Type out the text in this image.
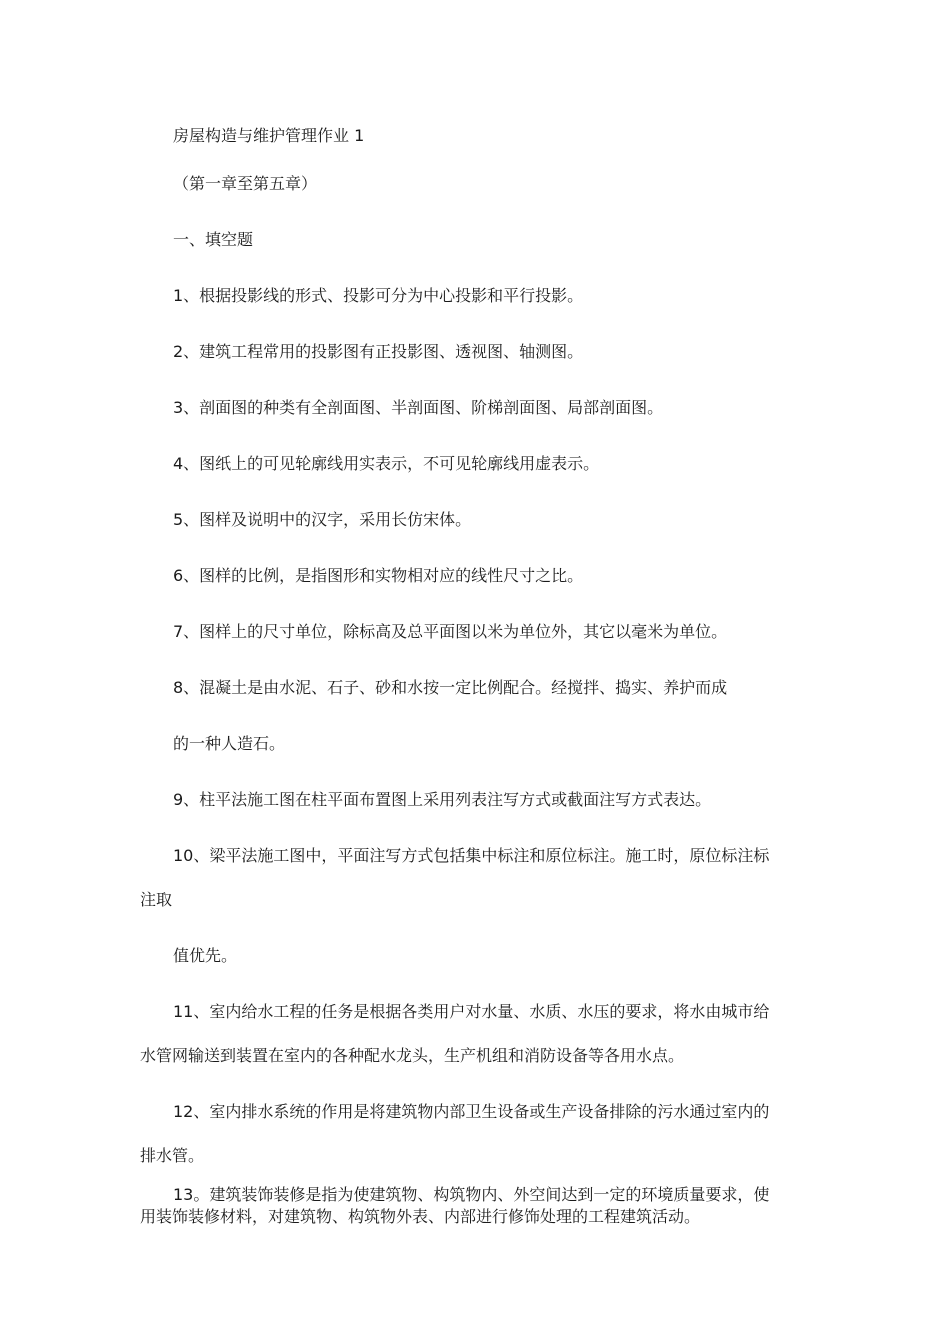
房屋构造与维护管理作业 1
（第一章至第五章）
一、填空题
1、根据投影线的形式、投影可分为中心投影和平行投影。
2、建筑工程常用的投影图有正投影图、透视图、轴测图。
3、剖面图的种类有全剖面图、半剖面图、阶梯剖面图、局部剖面图。
4、图纸上的可见轮廓线用实表示，不可见轮廓线用虚表示。
5、图样及说明中的汉字，采用长仿宋体。
6、图样的比例，是指图形和实物相对应的线性尺寸之比。
7、图样上的尺寸单位，除标高及总平面图以米为单位外，其它以毫米为单位。
8、混凝土是由水泥、石子、砂和水按一定比例配合。经搅拌、捣实、养护而成
的一种人造石。
9、柱平法施工图在柱平面布置图上采用列表注写方式或截面注写方式表达。
10、梁平法施工图中，平面注写方式包括集中标注和原位标注。施工时，原位标注标
注取
值优先。
11、室内给水工程的任务是根据各类用户对水量、水质、水压的要求，将水由城市给
水管网输送到装置在室内的各种配水龙头，生产机组和消防设备等各用水点。
12、室内排水系统的作用是将建筑物内部卫生设备或生产设备排除的污水通过室内的
排水管。
13。建筑装饰装修是指为使建筑物、构筑物内、外空间达到一定的环境质量要求，使
用装饰装修材料，对建筑物、构筑物外表、内部进行修饰处理的工程建筑活动。
